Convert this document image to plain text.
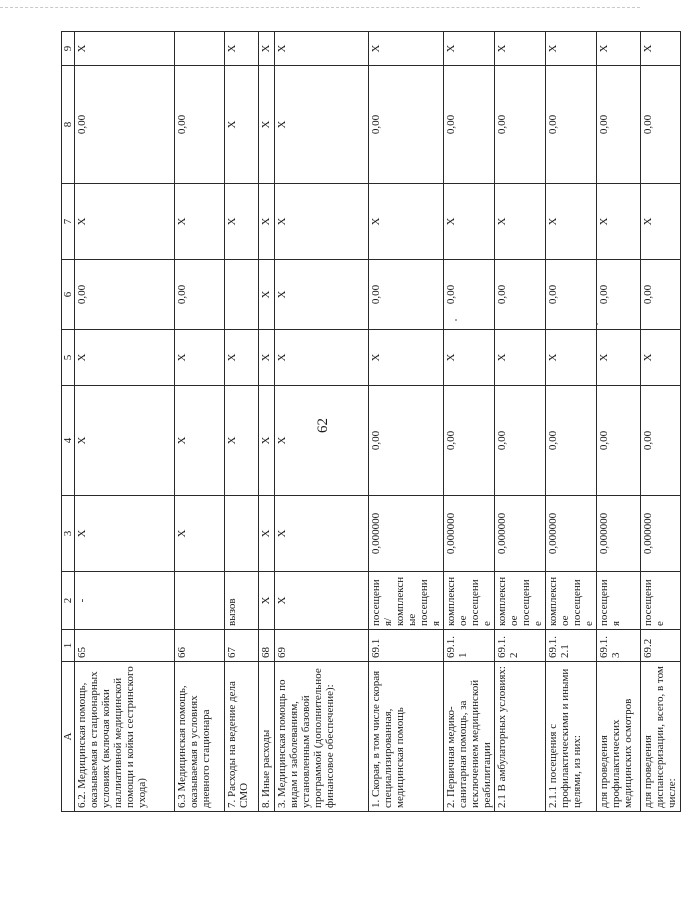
62
А	1	2	3	4	5	6	7	8	9
6.2. Медицинская помощь, оказываемая в стационарных условиях (включая койки паллиативной медицинской помощи и койки сестринского ухода)	65	-	X	X	X	0,00	X	0,00	X
6.3 Медицинская помощь, оказываемая в условиях дневного стационара	66		X	X	X	0,00	X	0,00	
7. Расходы на ведение дела СМО	67	вызов		X	X		X	X	X
8. Иные расходы	68	X	X	X	X	X	X	X	X
3. Медицинская помощь по видам и заболеваниям, установленным базовой программой (дополнительное финансовое обеспечение):	69	X	X	X	X	X	X	X	X
1. Скорая, в том числе скорая специализированная, медицинская помощь	69.1	посещения/ комплексные посещения	0,000000	0,00	X	0,00	X	0,00	X
2. Первичная медико-санитарная помощь, за исключением медицинской реабилитации	69.1.1	комплексное посещение	0,000000	0,00	X	0,00	X	0,00	X
2.1 В амбулаторных условиях:	69.1.2	комплексное посещение	0,000000	0,00	X	0,00	X	0,00	X
2.1.1 посещения с профилактическими и иными целями, из них:	69.1.2.1	комплексное посещение	0,000000	0,00	X	0,00	X	0,00	X
для проведения профилактических медицинских осмотров	69.1.3	посещения	0,000000	0,00	X	0,00	X	0,00	X
для проведения диспансеризации, всего, в том числе:	69.2	посещение	0,000000	0,00	X	0,00	X	0,00	X
